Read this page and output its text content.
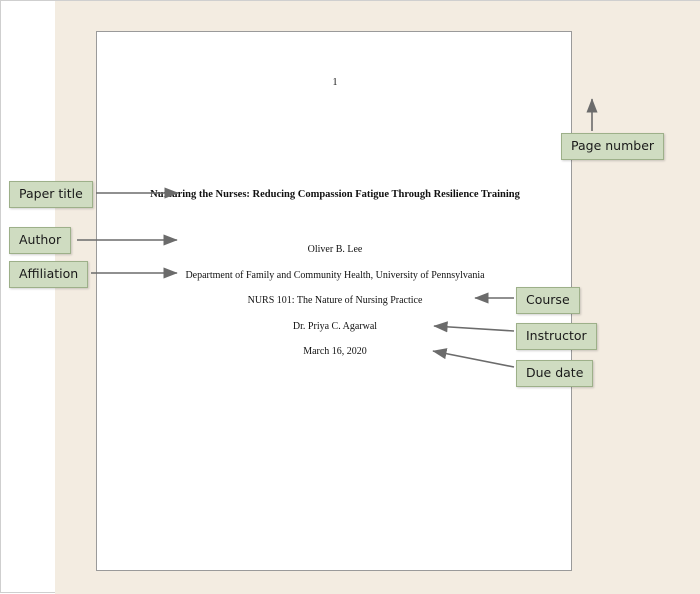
1
Nurturing the Nurses: Reducing Compassion Fatigue Through Resilience Training
Oliver B. Lee
Department of Family and Community Health, University of Pennsylvania
NURS 101: The Nature of Nursing Practice
Dr. Priya C. Agarwal
March 16, 2020
Page number
Paper title
Author
Affiliation
Course
Instructor
Due date
